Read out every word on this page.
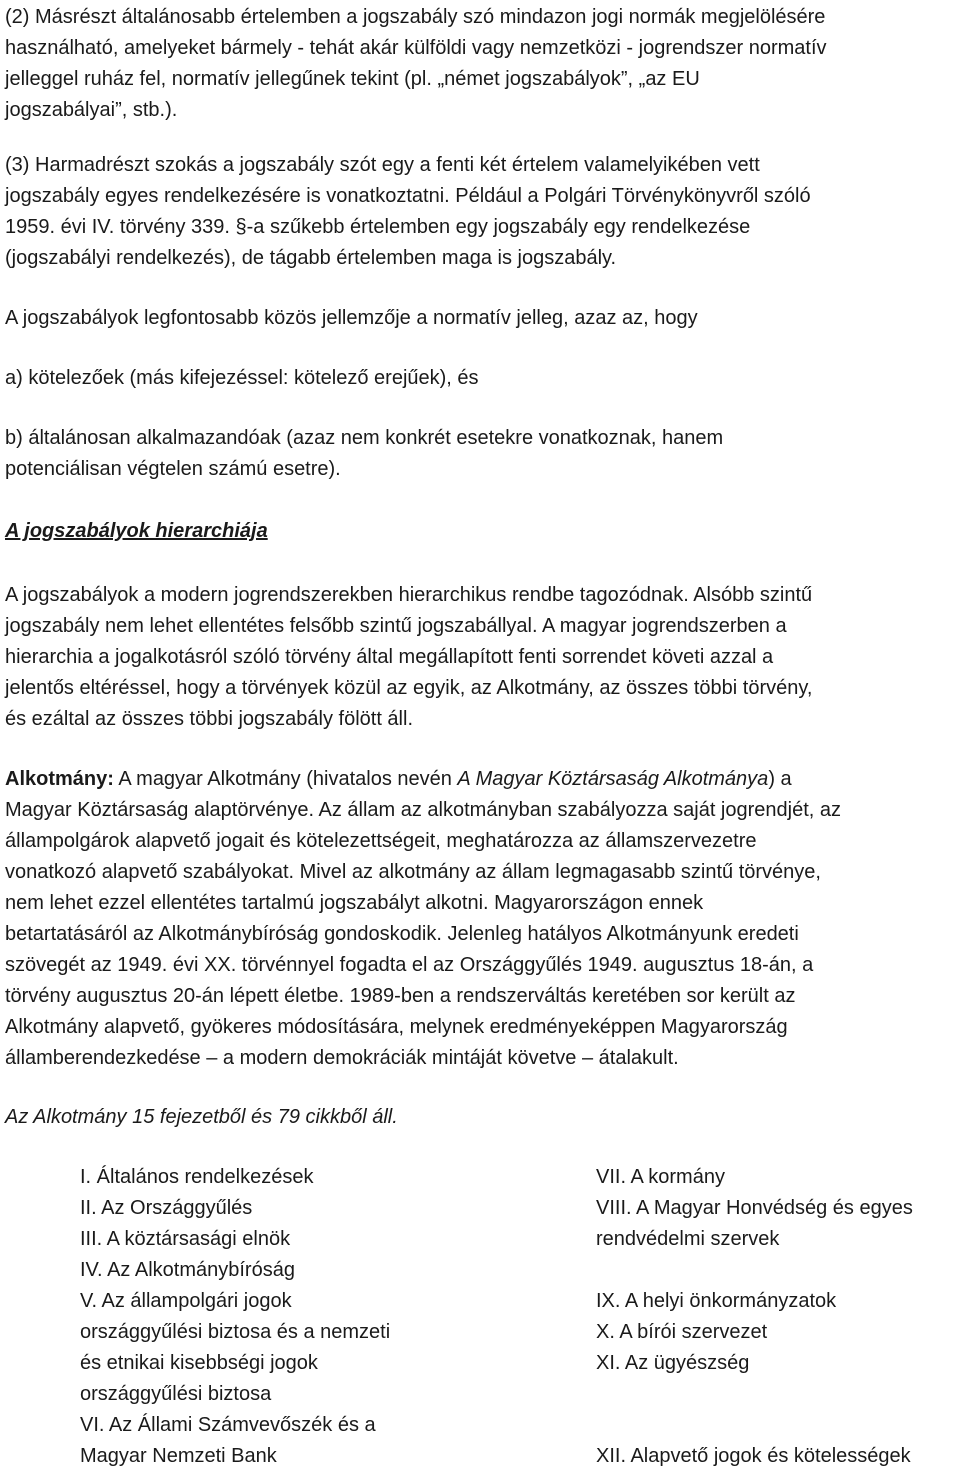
(2) Másrészt általánosabb értelemben a jogszabály szó mindazon jogi normák megjelölésére
használható, amelyeket bármely - tehát akár külföldi vagy nemzetközi - jogrendszer normatív
jelleggel ruház fel, normatív jellegűnek tekint (pl. „német jogszabályok”, „az EU
jogszabályai”, stb.).
(3) Harmadrészt szokás a jogszabály szót egy a fenti két értelem valamelyikében vett
jogszabály egyes rendelkezésére is vonatkoztatni. Például a Polgári Törvénykönyvről szóló
1959. évi IV. törvény 339. §-a szűkebb értelemben egy jogszabály egy rendelkezése
(jogszabályi rendelkezés), de tágabb értelemben maga is jogszabály.
A jogszabályok legfontosabb közös jellemzője a normatív jelleg, azaz az, hogy
a) kötelezőek (más kifejezéssel: kötelező erejűek), és
b) általánosan alkalmazandóak (azaz nem konkrét esetekre vonatkoznak, hanem
potenciálisan végtelen számú esetre).
A jogszabályok hierarchiája
A jogszabályok a modern jogrendszerekben hierarchikus rendbe tagozódnak. Alsóbb szintű
jogszabály nem lehet ellentétes felsőbb szintű jogszabállyal. A magyar jogrendszerben a
hierarchia a jogalkotásról szóló törvény által megállapított fenti sorrendet követi azzal a
jelentős eltéréssel, hogy a törvények közül az egyik, az Alkotmány, az összes többi törvény,
és ezáltal az összes többi jogszabály fölött áll.
Alkotmány: A magyar Alkotmány (hivatalos nevén A Magyar Köztársaság Alkotmánya) a
Magyar Köztársaság alaptörvénye. Az állam az alkotmányban szabályozza saját jogrendjét, az
állampolgárok alapvető jogait és kötelezettségeit, meghatározza az államszervezetre
vonatkozó alapvető szabályokat. Mivel az alkotmány az állam legmagasabb szintű törvénye,
nem lehet ezzel ellentétes tartalmú jogszabályt alkotni. Magyarországon ennek
betartatásáról az Alkotmánybíróság gondoskodik. Jelenleg hatályos Alkotmányunk eredeti
szövegét az 1949. évi XX. törvénnyel fogadta el az Országgyűlés 1949. augusztus 18-án, a
törvény augusztus 20-án lépett életbe. 1989-ben a rendszerváltás keretében sor került az
Alkotmány alapvető, gyökeres módosítására, melynek eredményeképpen Magyarország
államberendezkedése – a modern demokráciák mintáját követve – átalakult.
Az Alkotmány 15 fejezetből és 79 cikkből áll.
I. Általános rendelkezések
II. Az Országgyűlés
III. A köztársasági elnök
IV. Az Alkotmánybíróság
V. Az állampolgári jogok
országgyűlési biztosa és a nemzeti
és etnikai kisebbségi jogok
országgyűlési biztosa
VI. Az Állami Számvevőszék és a
Magyar Nemzeti Bank
VII. A kormány
VIII. A Magyar Honvédség és egyes
rendvédelmi szervek

IX. A helyi önkormányzatok
X. A bírói szervezet
XI. Az ügyészség

XII. Alapvető jogok és kötelességek
